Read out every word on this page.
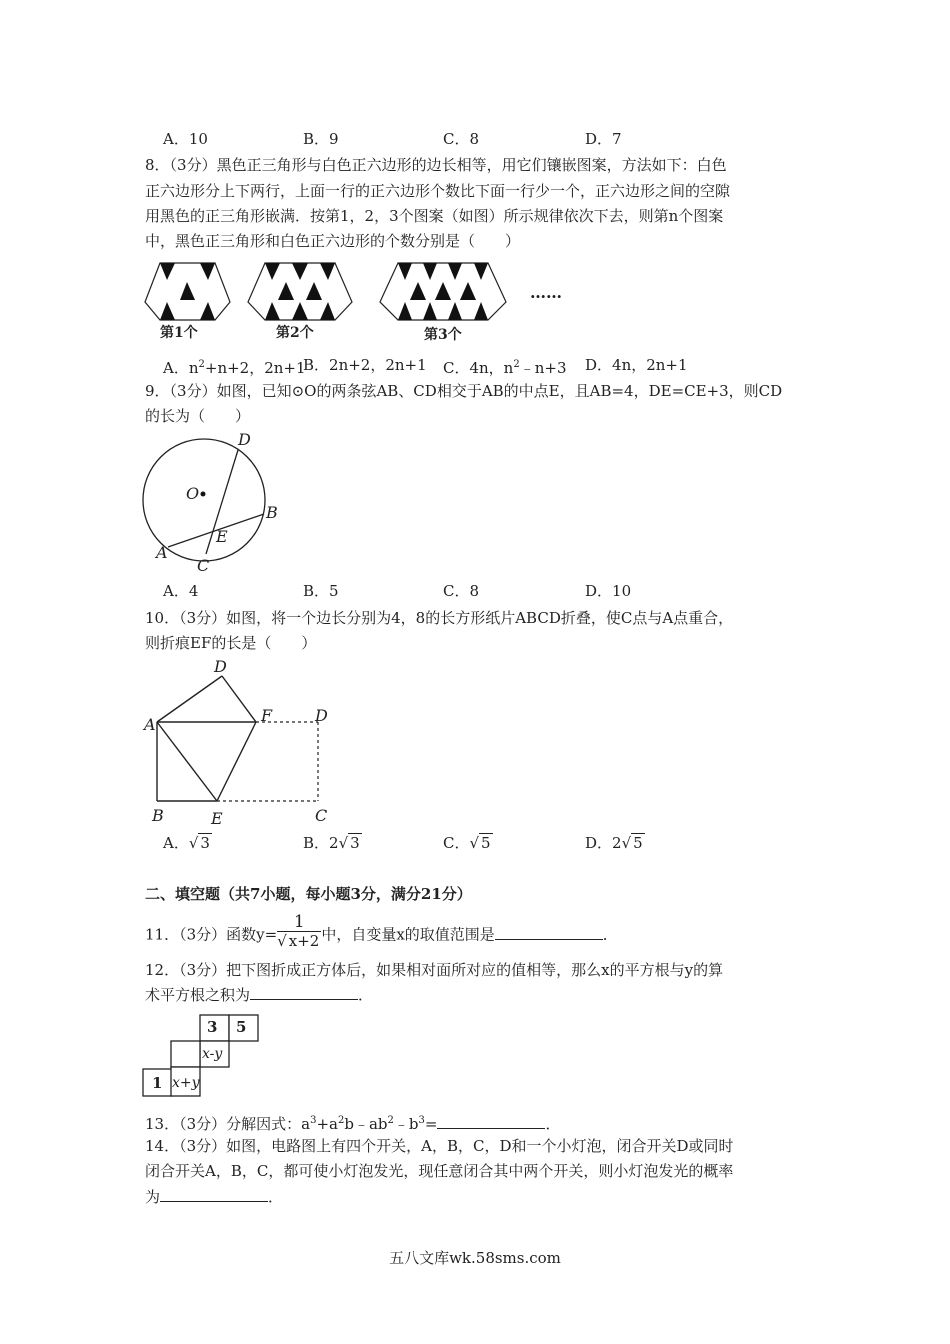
A．10	B．9	C．8	D．7
8．（3分）黑色正三角形与白色正六边形的边长相等，用它们镶嵌图案，方法如下：白色
正六边形分上下两行，上面一行的正六边形个数比下面一行少一个，正六边形之间的空隙
用黑色的正三角形嵌满．按第1，2，3个图案（如图）所示规律依次下去，则第n个图案
中，黑色正三角形和白色正六边形的个数分别是（　　）
……
第1个	第2个	第3个
A．$n^2+n+2$，2n+1
B．2n+2，2n+1 C．4n，$n^2﹣n+3$ D．4n，2n+1
9．（3分）如图，已知⊙O的两条弦AB、CD相交于AB的中点E，且AB=4，DE=CE+3，则CD
的长为（　　）
O
D
B
E
A
C
A．4	B．5	C．8	D．10
10．（3分）如图，将一个边长分别为4，8的长方形纸片ABCD折叠，使C点与A点重合，
则折痕EF的长是（　　）
D
A	F	D
B	E	C
A．√ 3	B．2√ 3	C．√ 5	D．2√ 5
二、填空题（共7小题，每小题3分，满分21分）
11．（3分）函数$y= \frac{1}{√ x+2}$ 中，自变量x的取值范围是	．
12．（3分）把下图折成正方体后，如果相对面所对应的值相等，那么x的平方根与y的算
术平方根之积为	．
3 5
x-y
1 x+y
13．（3分）分解因式：$a^3+a^2b﹣ab^2﹣b^3=$	．
14．（3分）如图，电路图上有四个开关，A，B，C，D和一个小灯泡，闭合开关D或同时
闭合开关A，B，C，都可使小灯泡发光，现任意闭合其中两个开关，则小灯泡发光的概率
为	．
五八文库wk.58sms.com
